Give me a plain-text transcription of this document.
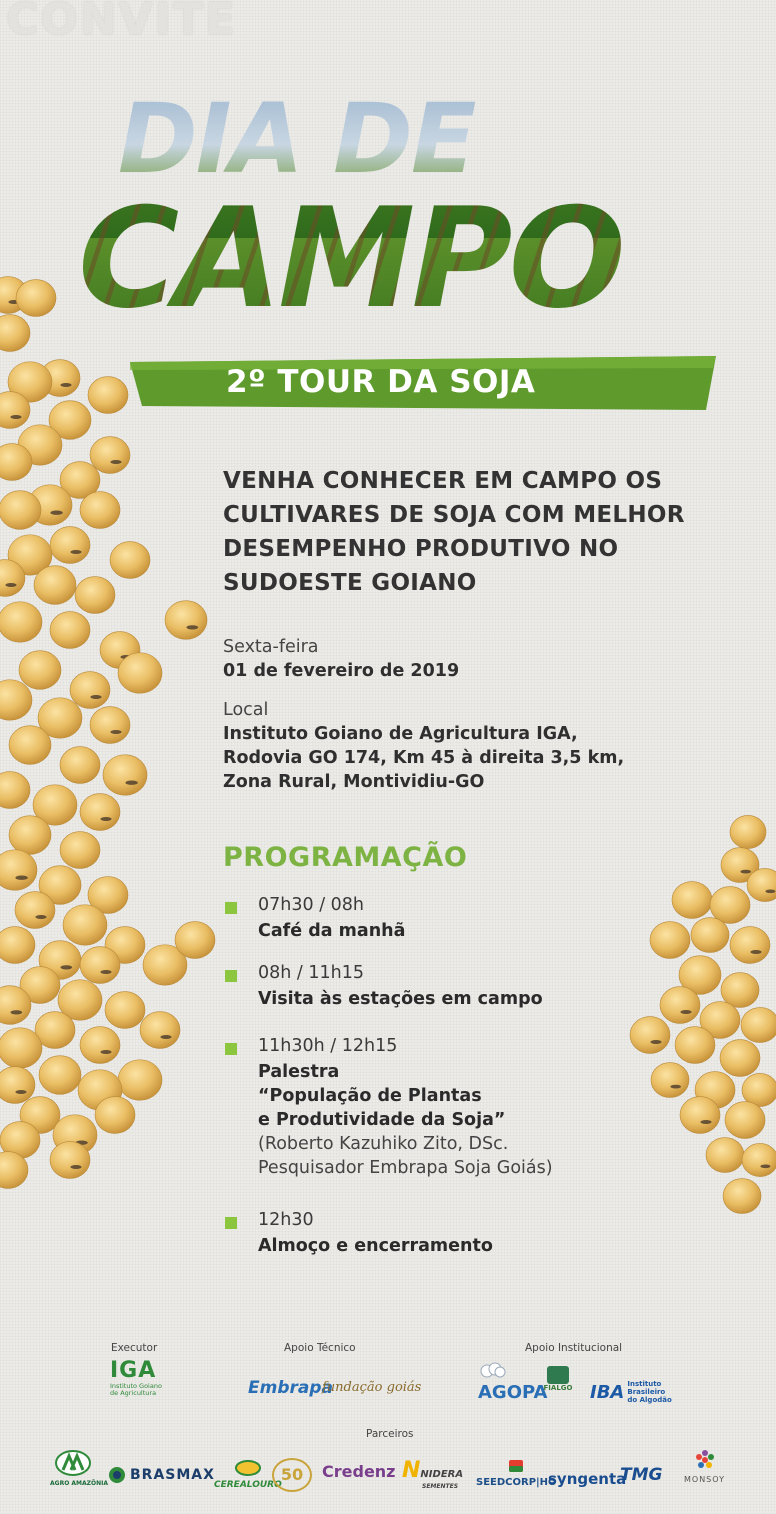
CONVITE
DIA DE
CAMPO
2º TOUR DA SOJA
VENHA CONHECER EM CAMPO OS
CULTIVARES DE SOJA COM MELHOR
DESEMPENHO PRODUTIVO NO
SUDOESTE GOIANO
Sexta-feira
01 de fevereiro de 2019
Local
Instituto Goiano de Agricultura IGA,
Rodovia GO 174, Km 45 à direita 3,5 km,
Zona Rural, Montividiu-GO
PROGRAMAÇÃO
07h30 / 08h
Café da manhã
08h / 11h15
Visita às estações em campo
11h30h / 12h15
Palestra
“População de Plantas
e Produtividade da Soja”
(Roberto Kazuhiko Zito, DSc.
Pesquisador Embrapa Soja Goiás)
12h30
Almoço e encerramento
Executor	Apoio Técnico	Apoio Institucional
IGA
Instituto Goiano
de Agricultura	Embrapa
fundação goiás	AGOPA
FIALGO IBA Instituto
Brasileiro
do Algodão
Parceiros
AGRO AMAZÔNIA
BRASMAX
CEREALOURO
50	Credenz NNIDERA
SEMENTES	SEEDCORP|HO
syngenta
TMG	MONSOY
